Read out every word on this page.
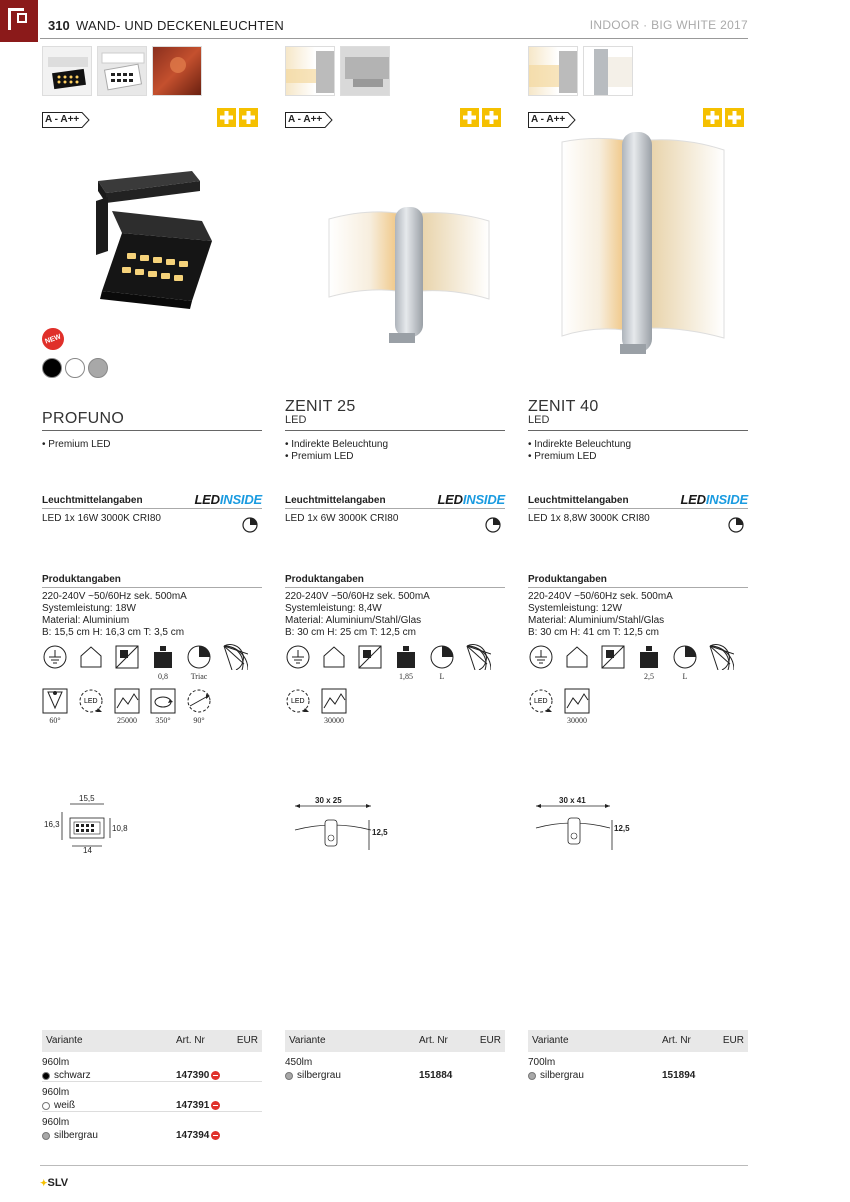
310 WAND- UND DECKENLEUCHTEN	INDOOR · BIG WHITE 2017
A - A++
NEW
PROFUNO
• Premium LED
Leuchtmittelangaben	LEDINSIDE
LED 1x 16W 3000K CRI80
Produktangaben
220-240V ~50/60Hz sek. 500mA
Systemleistung: 18W
Material: Aluminium
B: 15,5 cm H: 16,3 cm T: 3,5 cm
0,8	Triac
60°
LED
25000	350°	90°
15,5
16,3	10,8
14
Variante	Art. Nr	EUR
960lm
schwarz	147390
960lm
weiß	147391
960lm
silbergrau	147394
A - A++
ZENIT 25
LED
• Indirekte Beleuchtung
• Premium LED
Leuchtmittelangaben	LEDINSIDE
LED 1x 6W 3000K CRI80
Produktangaben
220-240V ~50/60Hz sek. 500mA
Systemleistung: 8,4W
Material: Aluminium/Stahl/Glas
B: 30 cm H: 25 cm T: 12,5 cm
1,85	L
LED
30000
30 x 25
12,5
Variante	Art. Nr	EUR
450lm
silbergrau	151884
A - A++
ZENIT 40
LED
• Indirekte Beleuchtung
• Premium LED
Leuchtmittelangaben	LEDINSIDE
LED 1x 8,8W 3000K CRI80
Produktangaben
220-240V ~50/60Hz sek. 500mA
Systemleistung: 12W
Material: Aluminium/Stahl/Glas
B: 30 cm H: 41 cm T: 12,5 cm
2,5	L
LED
30000
30 x 41
12,5
Variante	Art. Nr	EUR
700lm
silbergrau	151894
✦SLV
